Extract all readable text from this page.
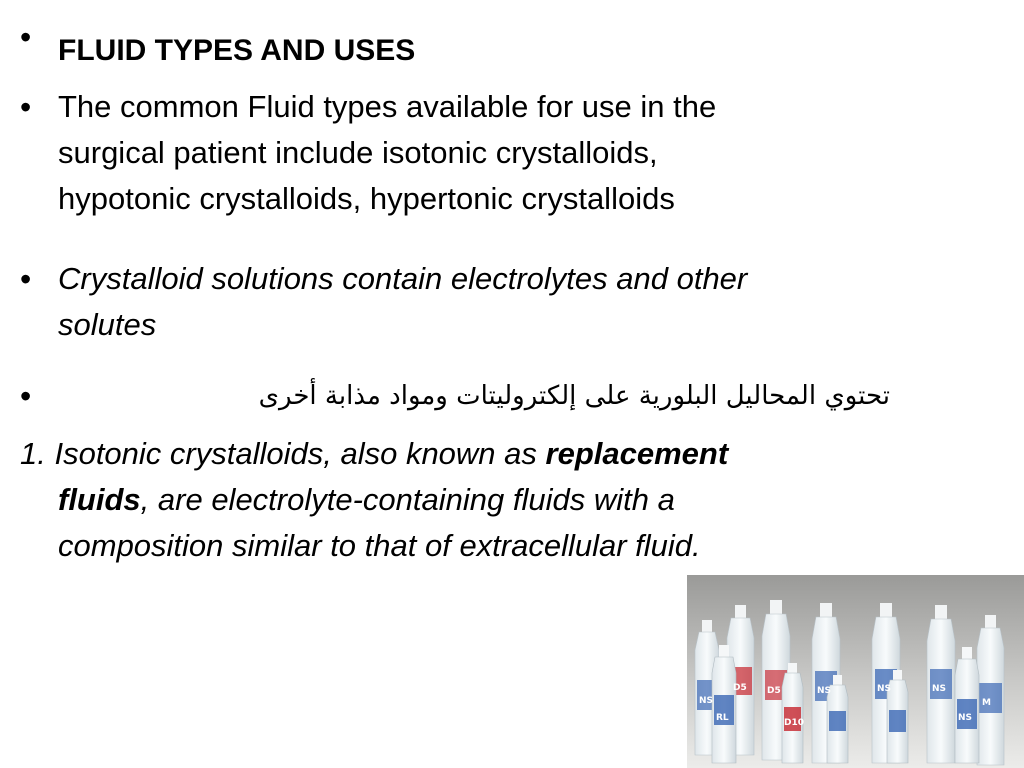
• FLUID TYPES AND USES
• The common Fluid types available for use in the
surgical patient include isotonic crystalloids,
hypotonic crystalloids, hypertonic crystalloids
• Crystalloid solutions contain electrolytes and other
solutes
•	تحتوي المحاليل البلورية على إلكتروليتات ومواد مذابة أخرى
1. Isotonic crystalloids, also known as replacement
fluids, are electrolyte-containing fluids with a
composition similar to that of extracellular fluid.
NS
D5	NS
RL
D5	NS
D10
NS
M
NS
